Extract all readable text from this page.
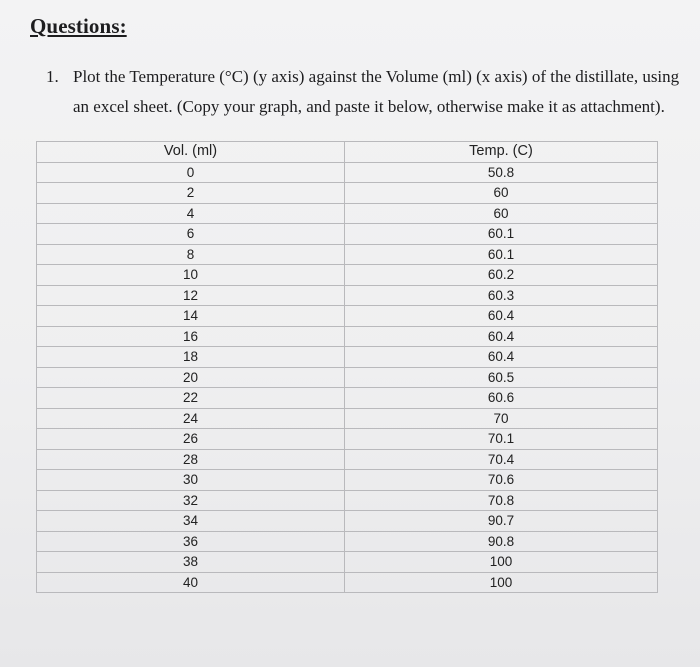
Questions:
1. Plot the Temperature (°C) (y axis) against the Volume (ml) (x axis) of the distillate, using
an excel sheet. (Copy your graph, and paste it below, otherwise make it as attachment).
Vol. (ml)	Temp. (C)
0	50.8
2	60
4	60
6	60.1
8	60.1
10	60.2
12	60.3
14	60.4
16	60.4
18	60.4
20	60.5
22	60.6
24	70
26	70.1
28	70.4
30	70.6
32	70.8
34	90.7
36	90.8
38	100
40	100
